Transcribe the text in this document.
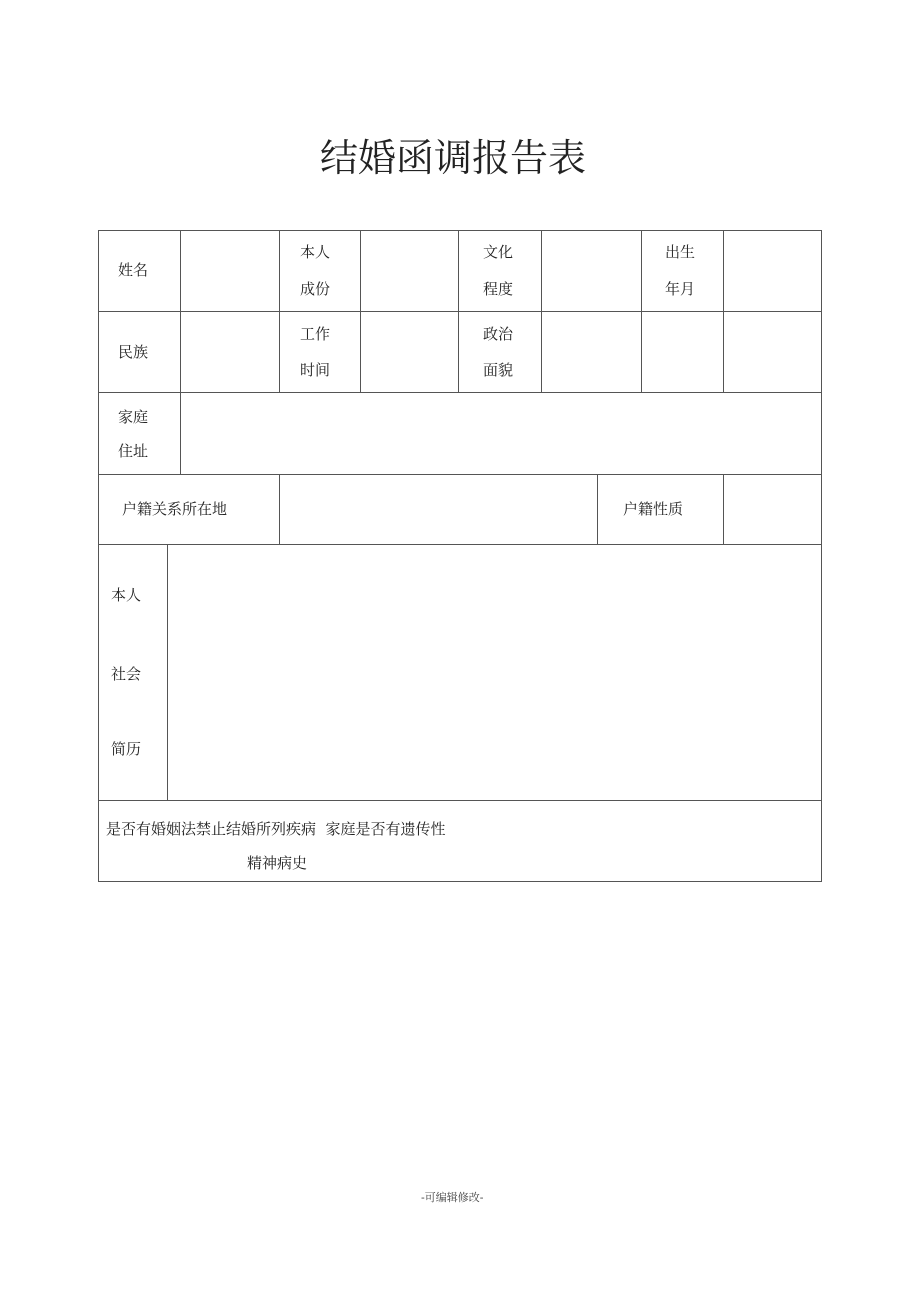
结婚函调报告表
姓名
本人
成份
文化
程度
出生
年月
民族
工作
时间
政治
面貌
家庭
住址
户籍关系所在地	户籍性质
本人
社会
简历
是否有婚姻法禁止结婚所列疾病  家庭是否有遗传性
精神病史
-可编辑修改-
